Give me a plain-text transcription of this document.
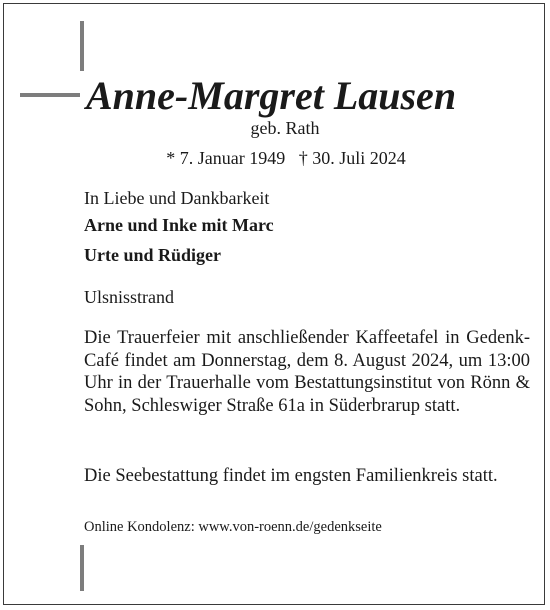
Anne-Margret Lausen
geb. Rath
* 7. Januar 1949   † 30. Juli 2024
In Liebe und Dankbarkeit
Arne und Inke mit Marc
Urte und Rüdiger
Ulsnisstrand
Die Trauerfeier mit anschließender Kaffeetafel in Gedenk-Café findet am Donnerstag, dem 8. August 2024, um 13:00 Uhr in der Trauerhalle vom Bestattungsinstitut von Rönn & Sohn, Schleswiger Straße 61a in Süderbrarup statt.
Die Seebestattung findet im engsten Familienkreis statt.
Online Kondolenz: www.von-roenn.de/gedenkseite
